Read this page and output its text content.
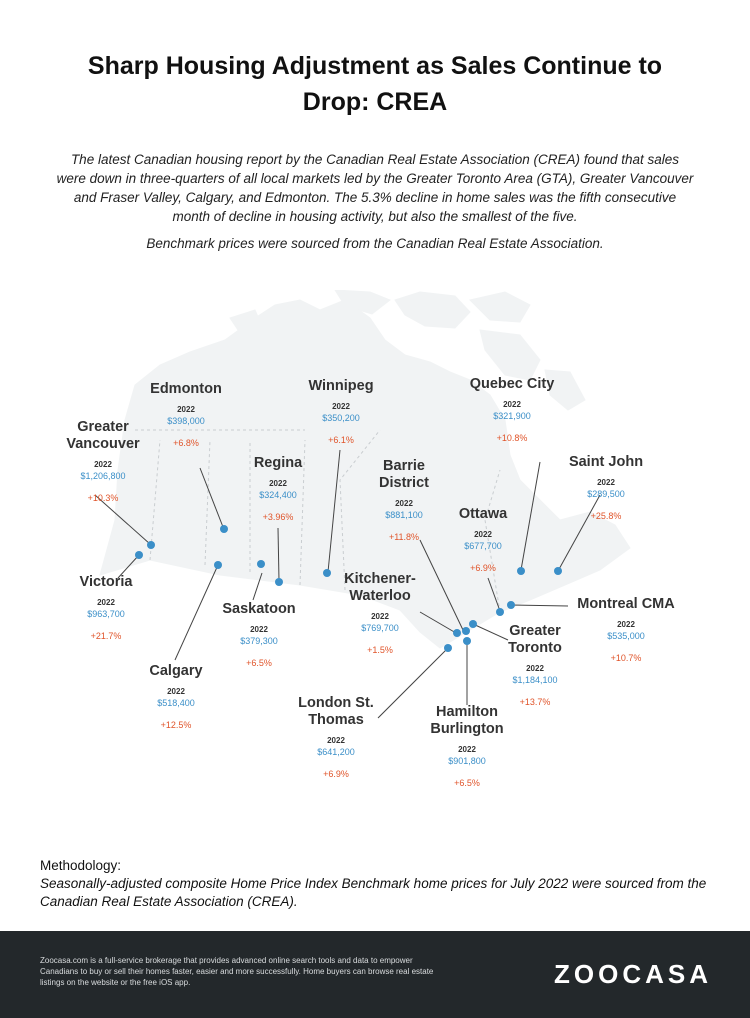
Sharp Housing Adjustment as Sales Continue to Drop: CREA
The latest Canadian housing report by the Canadian Real Estate Association (CREA) found that sales were down in three-quarters of all local markets led by the Greater Toronto Area (GTA), Greater Vancouver and Fraser Valley, Calgary, and Edmonton. The 5.3% decline in home sales was the fifth consecutive month of decline in housing activity, but also the smallest of the five.
Benchmark prices were sourced from the Canadian Real Estate Association.
Edmonton
2022
$398,000
+6.8%
Greater Vancouver
2022
$1,206,800
+10.3%
Winnipeg
2022
$350,200
+6.1%
Quebec City
2022
$321,900
+10.8%
Regina
2022
$324,400
+3.96%
Barrie District
2022
$881,100
+11.8%
Saint John
2022
$289,500
+25.8%
Ottawa
2022
$677,700
+6.9%
Victoria
2022
$963,700
+21.7%
Kitchener-Waterloo
2022
$769,700
+1.5%
Saskatoon
2022
$379,300
+6.5%
Montreal CMA
2022
$535,000
+10.7%
Greater Toronto
2022
$1,184,100
+13.7%
Calgary
2022
$518,400
+12.5%
London St. Thomas
2022
$641,200
+6.9%
Hamilton Burlington
2022
$901,800
+6.5%
Methodology:
Seasonally-adjusted composite Home Price Index Benchmark home prices for July 2022 were sourced from the Canadian Real Estate Association (CREA).
Zoocasa.com is a full-service brokerage that provides advanced online search tools and data to empower Canadians to buy or sell their homes faster, easier and more successfully. Home buyers can browse real estate listings on the website or the free iOS app.	ZOOCASA
